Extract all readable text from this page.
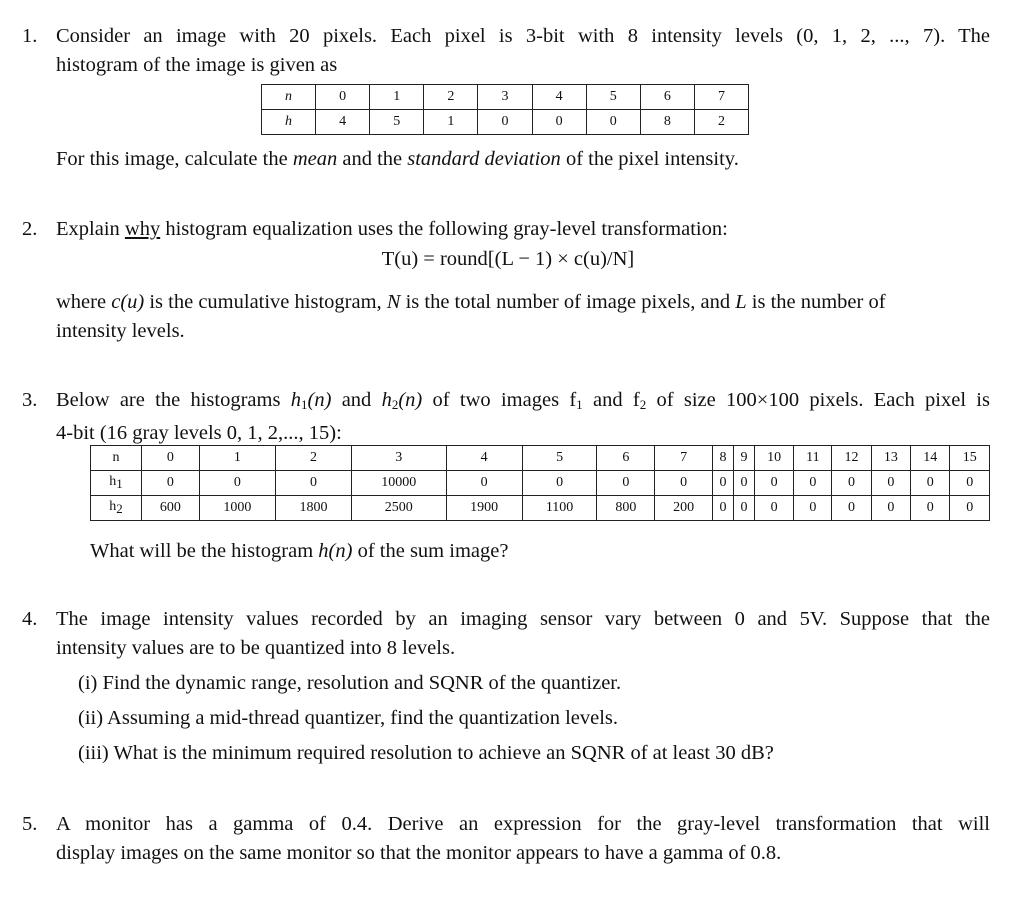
1. Consider an image with 20 pixels. Each pixel is 3-bit with 8 intensity levels (0, 1, 2, ..., 7). The
histogram of the image is given as
n	0	1	2	3	4	5	6	7
h	4	5	1	0	0	0	8	2
For this image, calculate the mean and the standard deviation of the pixel intensity.
2. Explain why histogram equalization uses the following gray-level transformation:
T(u) = round[(L − 1) × c(u)/N]
where c(u) is the cumulative histogram, N is the total number of image pixels, and L is the number of
intensity levels.
3. Below are the histograms $h_1(n)$ and $h_2(n)$ of two images $f_1$ and $f_2$ of size 100×100 pixels. Each pixel is
4-bit (16 gray levels 0, 1, 2,..., 15):
n	0	1	2	3	4	5	6	7	8	9	10	11	12	13	14	15
h1	0	0	0	10000	0	0	0	0	0	0	0	0	0	0	0	0
h2	600	1000	1800	2500	1900	1100	800	200	0	0	0	0	0	0	0	0
What will be the histogram h(n) of the sum image?
4. The image intensity values recorded by an imaging sensor vary between 0 and 5V. Suppose that the
intensity values are to be quantized into 8 levels.
(i) Find the dynamic range, resolution and SQNR of the quantizer.
(ii) Assuming a mid-thread quantizer, find the quantization levels.
(iii) What is the minimum required resolution to achieve an SQNR of at least 30 dB?
5. A monitor has a gamma of 0.4. Derive an expression for the gray-level transformation that will
display images on the same monitor so that the monitor appears to have a gamma of 0.8.
